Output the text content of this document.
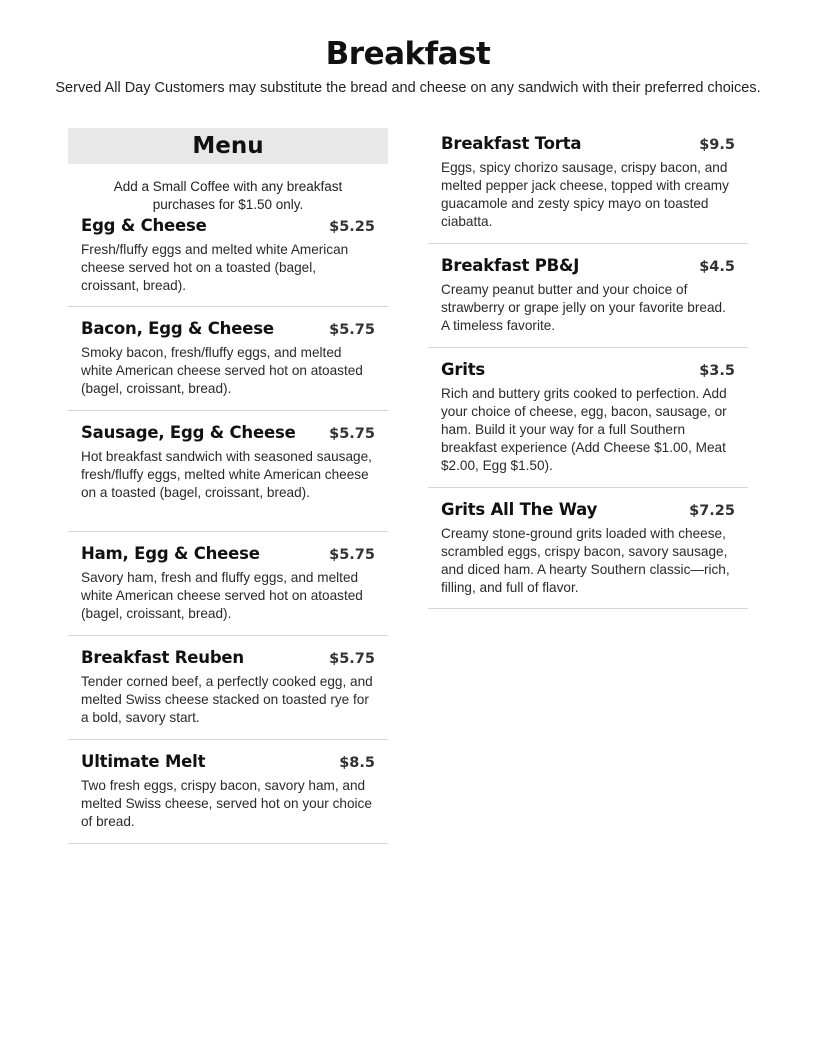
Breakfast
Served All Day Customers may substitute the bread and cheese on any sandwich with their preferred choices.
Menu
Add a Small Coffee with any breakfast purchases for $1.50 only.
Egg & Cheese	$5.25
Fresh/fluffy eggs and melted white American cheese served hot on a toasted (bagel, croissant, bread).
Bacon, Egg & Cheese	$5.75
Smoky bacon, fresh/fluffy eggs, and melted white American cheese served hot on atoasted (bagel, croissant, bread).
Sausage, Egg & Cheese $5.75
Hot breakfast sandwich with seasoned sausage, fresh/fluffy eggs, melted white American cheese on a toasted (bagel, croissant, bread).
Ham, Egg & Cheese	$5.75
Savory ham, fresh and fluffy eggs, and melted white American cheese served hot on atoasted (bagel, croissant, bread).
Breakfast Reuben	$5.75
Tender corned beef, a perfectly cooked egg, and melted Swiss cheese stacked on toasted rye for a bold, savory start.
Ultimate Melt	$8.5
Two fresh eggs, crispy bacon, savory ham, and melted Swiss cheese, served hot on your choice of bread.
Breakfast Torta	$9.5
Eggs, spicy chorizo sausage, crispy bacon, and melted pepper jack cheese, topped with creamy guacamole and zesty spicy mayo on toasted ciabatta.
Breakfast PB&J	$4.5
Creamy peanut butter and your choice of strawberry or grape jelly on your favorite bread. A timeless favorite.
Grits	$3.5
Rich and buttery grits cooked to perfection. Add your choice of cheese, egg, bacon, sausage, or ham. Build it your way for a full Southern breakfast experience (Add Cheese $1.00, Meat $2.00, Egg $1.50).
Grits All The Way	$7.25
Creamy stone-ground grits loaded with cheese, scrambled eggs, crispy bacon, savory sausage, and diced ham. A hearty Southern classic—rich, filling, and full of flavor.
